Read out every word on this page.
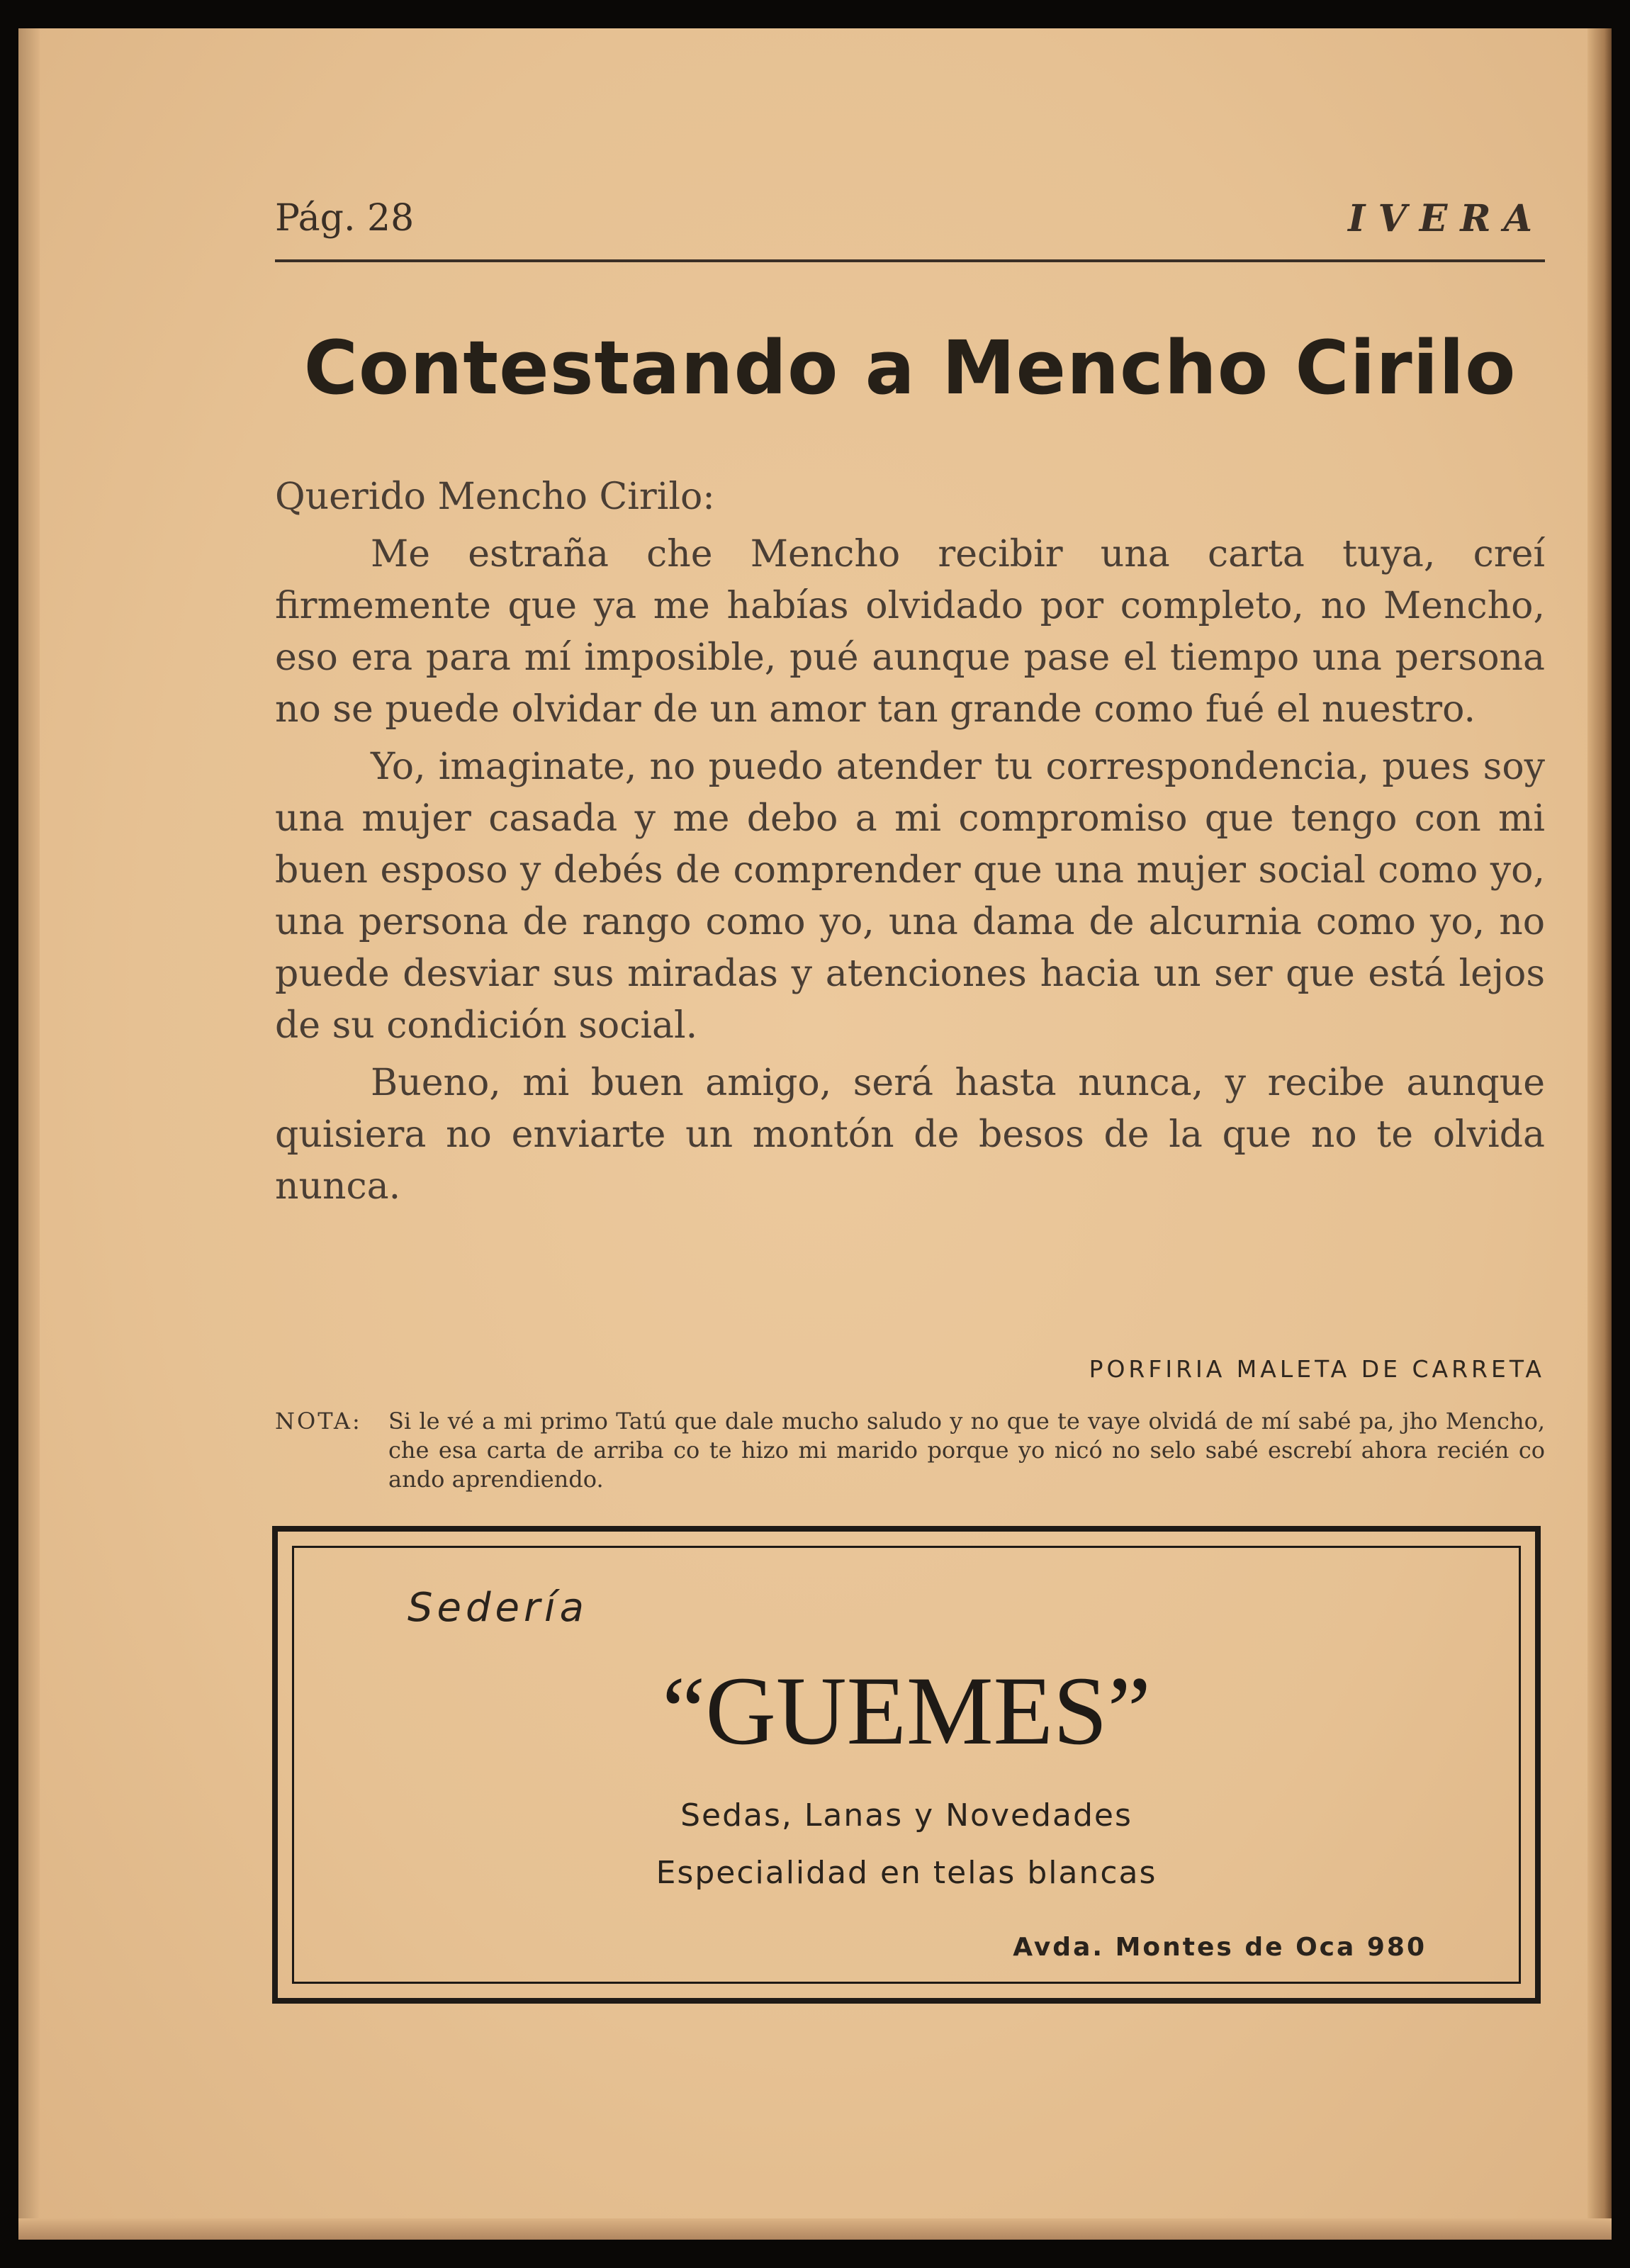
Pág. 28	IVERA
Contestando a Mencho Cirilo

Querido Mencho Cirilo:

Me estraña che Mencho recibir una carta tuya, creí firmemente que ya me habías olvidado por completo, no Mencho, eso era para mí imposible, pué aunque pase el tiempo una persona no se puede olvidar de un amor tan grande como fué el nuestro.

Yo, imaginate, no puedo atender tu correspondencia, pues soy una mujer casada y me debo a mi compromiso que tengo con mi buen esposo y debés de comprender que una mujer social como yo, una persona de rango como yo, una dama de alcurnia como yo, no puede desviar sus miradas y atenciones hacia un ser que está lejos de su condición social.

Bueno, mi buen amigo, será hasta nunca, y recibe aunque quisiera no enviarte un montón de besos de la que no te olvida nunca.

PORFIRIA MALETA DE CARRETA
NOTA: Si le vé a mi primo Tatú que dale mucho saludo y no que te vaye olvidá de mí sabé pa, jho Mencho, che esa carta de arriba co te hizo mi marido porque yo nicó no selo sabé escrebí ahora recién co ando aprendiendo.
Sedería
“GUEMES”
Sedas, Lanas y Novedades
Especialidad en telas blancas
Avda. Montes de Oca 980
